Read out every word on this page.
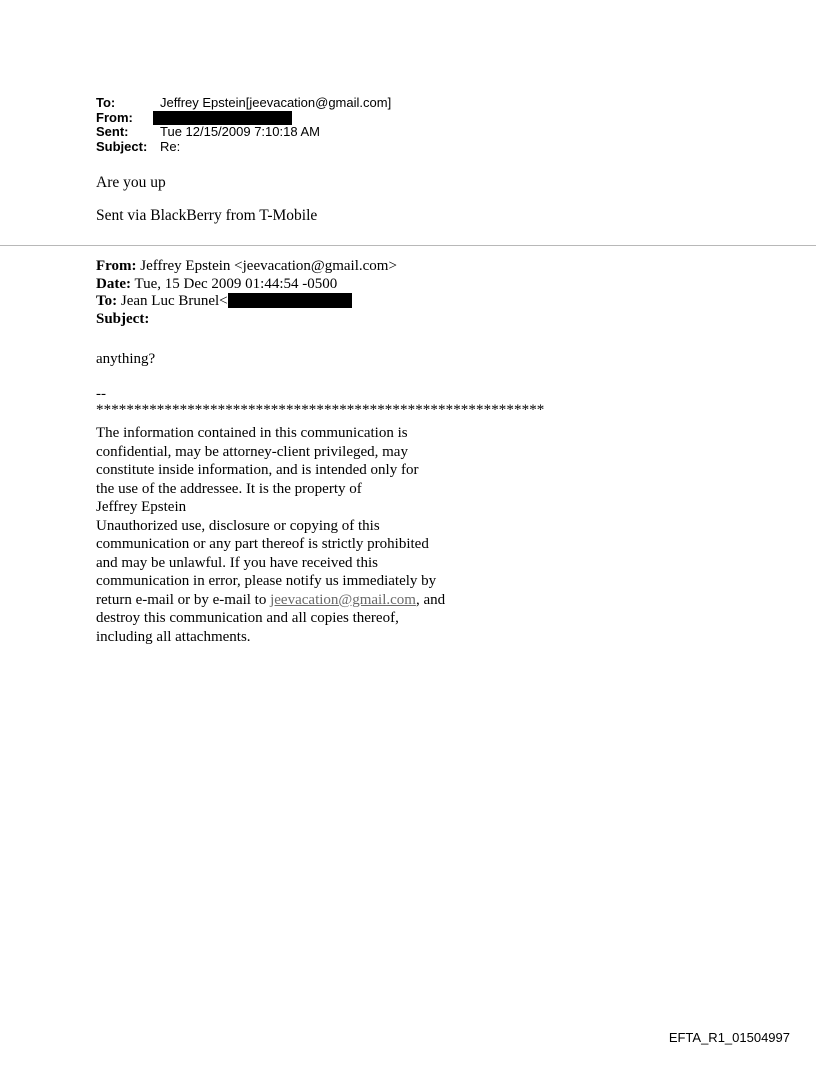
To:	Jeffrey Epstein[jeevacation@gmail.com]
From:
Sent:	Tue 12/15/2009 7:10:18 AM
Subject: Re:
Are you up
Sent via BlackBerry from T-Mobile
From: Jeffrey Epstein <jeevacation@gmail.com>
Date: Tue, 15 Dec 2009 01:44:54 -0500
To: Jean Luc Brunel<
Subject:
anything?
--
***********************************************************
The information contained in this communication is
confidential, may be attorney-client privileged, may
constitute inside information, and is intended only for
the use of the addressee. It is the property of
Jeffrey Epstein
Unauthorized use, disclosure or copying of this
communication or any part thereof is strictly prohibited
and may be unlawful. If you have received this
communication in error, please notify us immediately by
return e-mail or by e-mail to jeevacation@gmail.com, and
destroy this communication and all copies thereof,
including all attachments.
EFTA_R1_01504997
